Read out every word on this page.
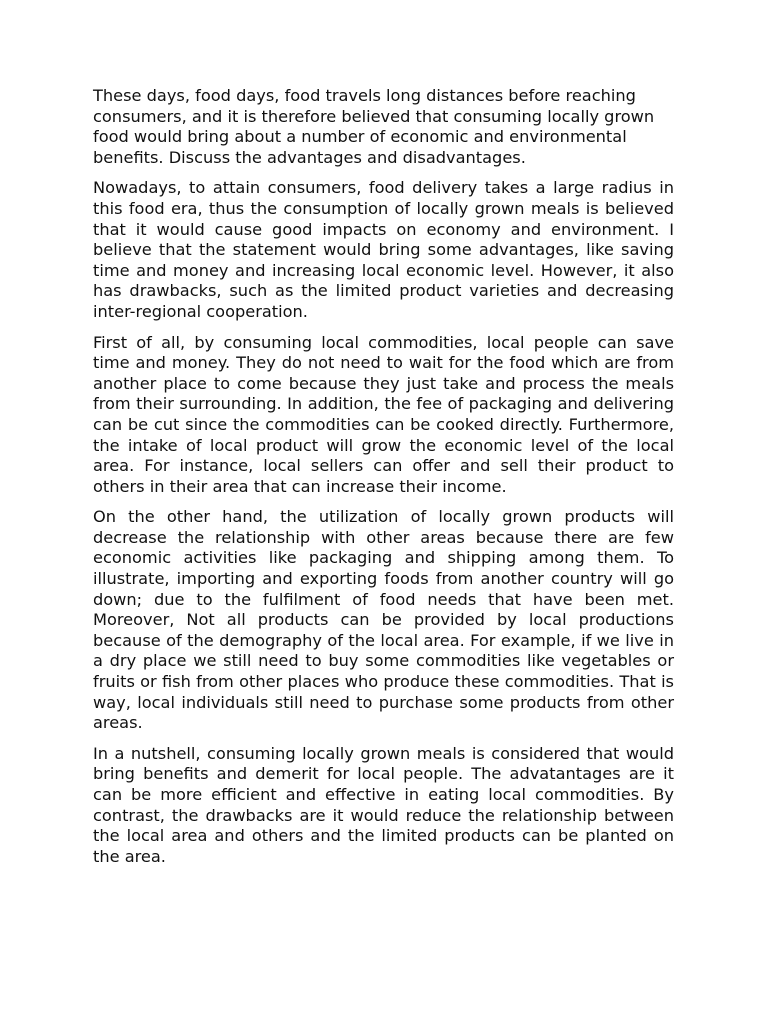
These days, food days, food travels long distances before reaching consumers, and it is therefore believed that consuming locally grown food would bring about a number of economic and environmental benefits. Discuss the advantages and disadvantages.

Nowadays, to attain consumers, food delivery takes a large radius in this food era, thus the consumption of locally grown meals is believed that it would cause good impacts on economy and environment. I believe that the statement would bring some advantages, like saving time and money and increasing local economic level. However, it also has drawbacks, such as the limited product varieties and decreasing inter-regional cooperation.

First of all, by consuming local commodities, local people can save time and money. They do not need to wait for the food which are from another place to come because they just take and process the meals from their surrounding. In addition, the fee of packaging and delivering can be cut since the commodities can be cooked directly. Furthermore, the intake of local product will grow the economic level of the local area. For instance, local sellers can offer and sell their product to others in their area that can increase their income.

On the other hand, the utilization of locally grown products will decrease the relationship with other areas because there are few economic activities like packaging and shipping among them. To illustrate, importing and exporting foods from another country will go down; due to the fulfilment of food needs that have been met. Moreover, Not all products can be provided by local productions because of the demography of the local area. For example, if we live in a dry place we still need to buy some commodities like vegetables or fruits or fish from other places who produce these commodities. That is way, local individuals still need to purchase some products from other areas.

In a nutshell, consuming locally grown meals is considered that would bring benefits and demerit for local people. The advatantages are it can be more efficient and effective in eating local commodities. By contrast, the drawbacks are it would reduce the relationship between the local area and others and the limited products can be planted on the area.
